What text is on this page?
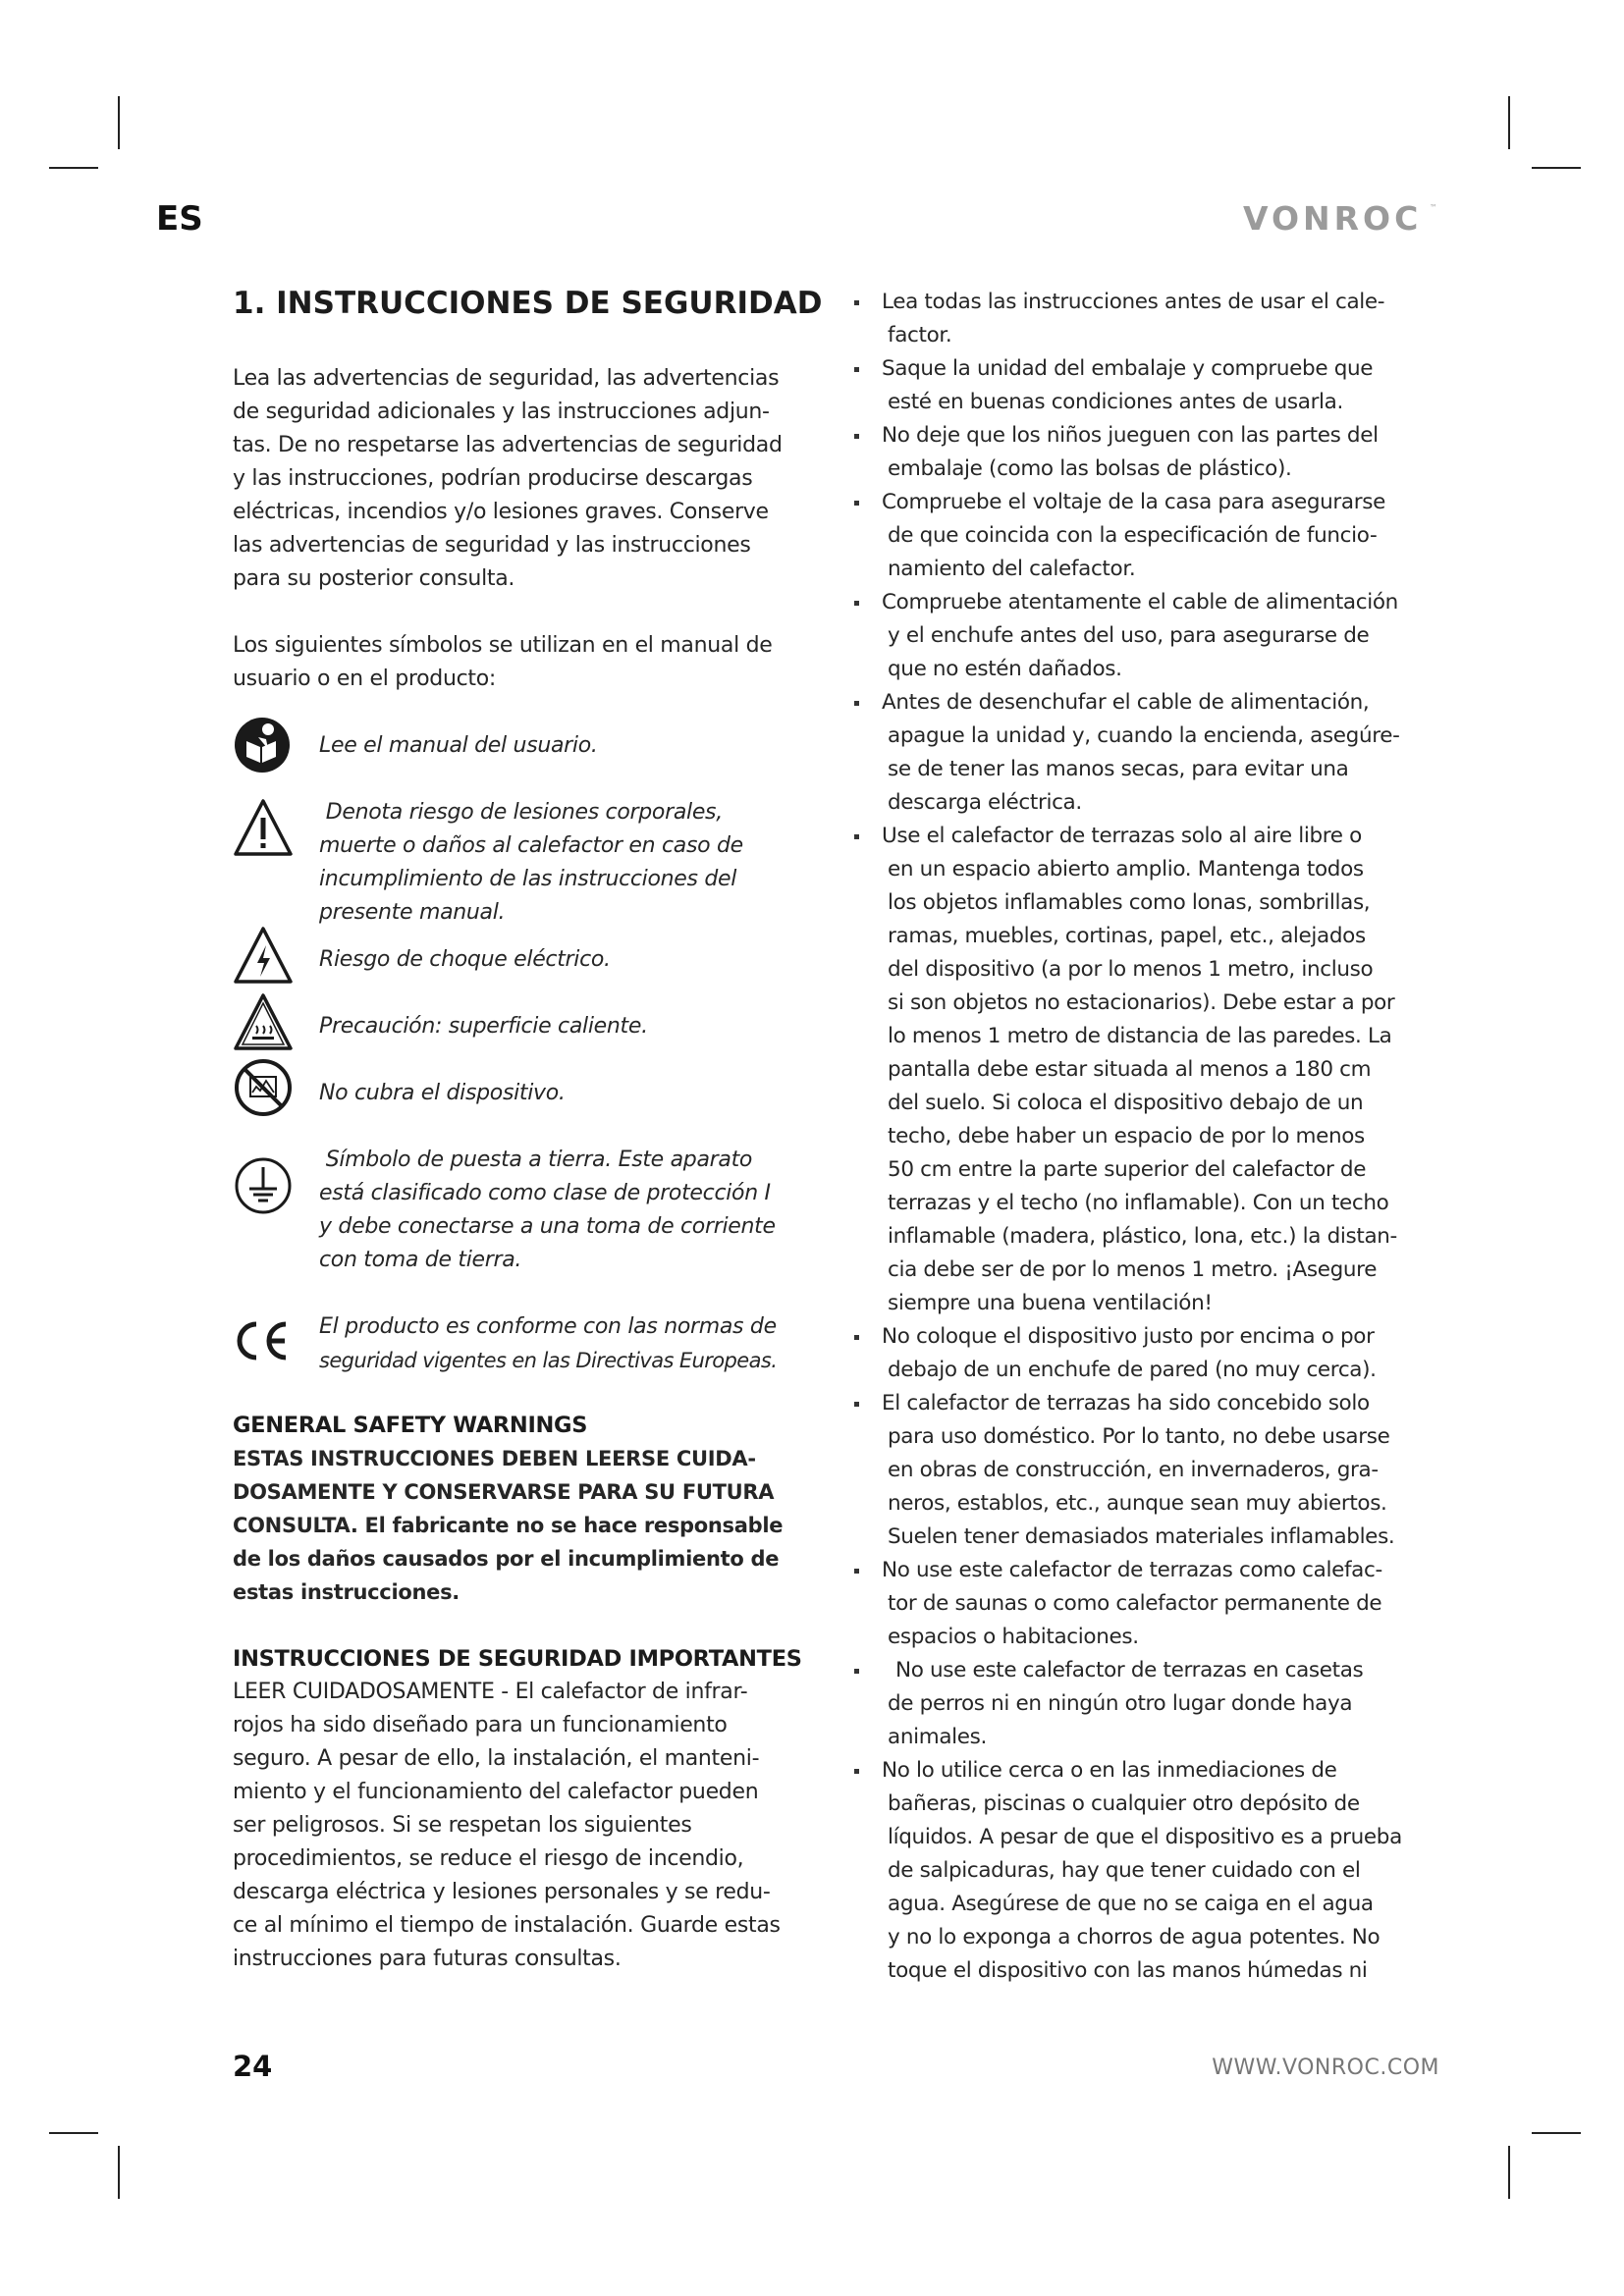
ES	VONROC ™
1. INSTRUCCIONES DE SEGURIDAD
Lea las advertencias de seguridad, las advertencias
de seguridad adicionales y las instrucciones adjun-
tas. De no respetarse las advertencias de seguridad
y las instrucciones, podrían producirse descargas
eléctricas, incendios y/o lesiones graves. Conserve
las advertencias de seguridad y las instrucciones
para su posterior consulta.
Los siguientes símbolos se utilizan en el manual de
usuario o en el producto:
Lee el manual del usuario.
Denota riesgo de lesiones corporales,
muerte o daños al calefactor en caso de
incumplimiento de las instrucciones del
presente manual.
Riesgo de choque eléctrico.
Precaución: superficie caliente.
No cubra el dispositivo.
Símbolo de puesta a tierra. Este aparato
está clasificado como clase de protección I
y debe conectarse a una toma de corriente
con toma de tierra.
El producto es conforme con las normas de
seguridad vigentes en las Directivas Europeas.
GENERAL SAFETY WARNINGS
ESTAS INSTRUCCIONES DEBEN LEERSE CUIDA-
DOSAMENTE Y CONSERVARSE PARA SU FUTURA
CONSULTA. El fabricante no se hace responsable
de los daños causados por el incumplimiento de
estas instrucciones.
INSTRUCCIONES DE SEGURIDAD IMPORTANTES
LEER CUIDADOSAMENTE - El calefactor de infrar-
rojos ha sido diseñado para un funcionamiento
seguro. A pesar de ello, la instalación, el manteni-
miento y el funcionamiento del calefactor pueden
ser peligrosos. Si se respetan los siguientes
procedimientos, se reduce el riesgo de incendio,
descarga eléctrica y lesiones personales y se redu-
ce al mínimo el tiempo de instalación. Guarde estas
instrucciones para futuras consultas.
Lea todas las instrucciones antes de usar el cale-
factor.
Saque la unidad del embalaje y compruebe que
esté en buenas condiciones antes de usarla.
No deje que los niños jueguen con las partes del
embalaje (como las bolsas de plástico).
Compruebe el voltaje de la casa para asegurarse
de que coincida con la especificación de funcio-
namiento del calefactor.
Compruebe atentamente el cable de alimentación
y el enchufe antes del uso, para asegurarse de
que no estén dañados.
Antes de desenchufar el cable de alimentación,
apague la unidad y, cuando la encienda, asegúre-
se de tener las manos secas, para evitar una
descarga eléctrica.
Use el calefactor de terrazas solo al aire libre o
en un espacio abierto amplio. Mantenga todos
los objetos inflamables como lonas, sombrillas,
ramas, muebles, cortinas, papel, etc., alejados
del dispositivo (a por lo menos 1 metro, incluso
si son objetos no estacionarios). Debe estar a por
lo menos 1 metro de distancia de las paredes. La
pantalla debe estar situada al menos a 180 cm
del suelo. Si coloca el dispositivo debajo de un
techo, debe haber un espacio de por lo menos
50 cm entre la parte superior del calefactor de
terrazas y el techo (no inflamable). Con un techo
inflamable (madera, plástico, lona, etc.) la distan-
cia debe ser de por lo menos 1 metro. ¡Asegure
siempre una buena ventilación!
No coloque el dispositivo justo por encima o por
debajo de un enchufe de pared (no muy cerca).
El calefactor de terrazas ha sido concebido solo
para uso doméstico. Por lo tanto, no debe usarse
en obras de construcción, en invernaderos, gra-
neros, establos, etc., aunque sean muy abiertos.
Suelen tener demasiados materiales inflamables.
No use este calefactor de terrazas como calefac-
tor de saunas o como calefactor permanente de
espacios o habitaciones.
No use este calefactor de terrazas en casetas
de perros ni en ningún otro lugar donde haya
animales.
No lo utilice cerca o en las inmediaciones de
bañeras, piscinas o cualquier otro depósito de
líquidos. A pesar de que el dispositivo es a prueba
de salpicaduras, hay que tener cuidado con el
agua. Asegúrese de que no se caiga en el agua
y no lo exponga a chorros de agua potentes. No
toque el dispositivo con las manos húmedas ni
24	WWW.VONROC.COM
